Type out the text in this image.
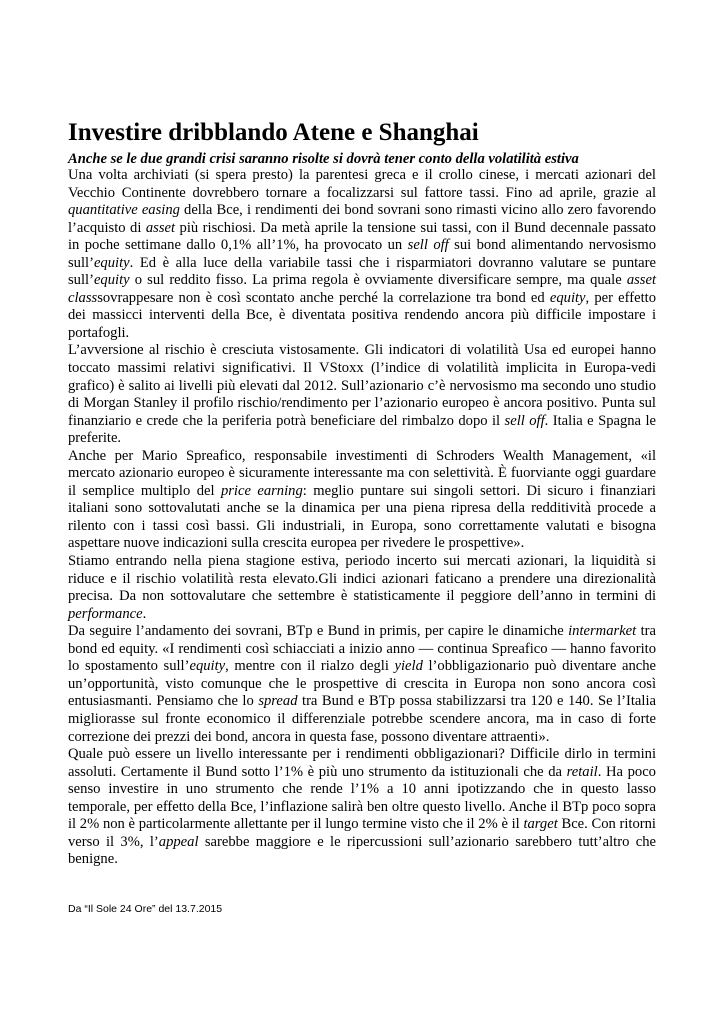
Investire dribblando Atene e Shanghai
Anche se le due grandi crisi saranno risolte si dovrà tener conto della volatilità estiva

Una volta archiviati (si spera presto) la parentesi greca e il crollo cinese, i mercati azionari del Vecchio Continente dovrebbero tornare a focalizzarsi sul fattore tassi. Fino ad aprile, grazie al quantitative easing della Bce, i rendimenti dei bond sovrani sono rimasti vicino allo zero favorendo l’acquisto di asset più rischiosi. Da metà aprile la tensione sui tassi, con il Bund decennale passato in poche settimane dallo 0,1% all’1%, ha provocato un sell off sui bond alimentando nervosismo sull’equity. Ed è alla luce della variabile tassi che i risparmiatori dovranno valutare se puntare sull’equity o sul reddito fisso. La prima regola è ovviamente diversificare sempre, ma quale asset classsovrappesare non è così scontato anche perché la correlazione tra bond ed equity, per effetto dei massicci interventi della Bce, è diventata positiva rendendo ancora più difficile impostare i portafogli.

L’avversione al rischio è cresciuta vistosamente. Gli indicatori di volatilità Usa ed europei hanno toccato massimi relativi significativi. Il VStoxx (l’indice di volatilità implicita in Europa-vedi grafico) è salito ai livelli più elevati dal 2012. Sull’azionario c’è nervosismo ma secondo uno studio di Morgan Stanley il profilo rischio/rendimento per l’azionario europeo è ancora positivo. Punta sul finanziario e crede che la periferia potrà beneficiare del rimbalzo dopo il sell off. Italia e Spagna le preferite.

Anche per Mario Spreafico, responsabile investimenti di Schroders Wealth Management, «il mercato azionario europeo è sicuramente interessante ma con selettività. È fuorviante oggi guardare il semplice multiplo del price earning: meglio puntare sui singoli settori. Di sicuro i finanziari italiani sono sottovalutati anche se la dinamica per una piena ripresa della redditività procede a rilento con i tassi così bassi. Gli industriali, in Europa, sono correttamente valutati e bisogna aspettare nuove indicazioni sulla crescita europea per rivedere le prospettive».

Stiamo entrando nella piena stagione estiva, periodo incerto sui mercati azionari, la liquidità si riduce e il rischio volatilità resta elevato.Gli indici azionari faticano a prendere una direzionalità precisa. Da non sottovalutare che settembre è statisticamente il peggiore dell’anno in termini di performance.

Da seguire l’andamento dei sovrani, BTp e Bund in primis, per capire le dinamiche intermarket tra bond ed equity. «I rendimenti così schiacciati a inizio anno — continua Spreafico — hanno favorito lo spostamento sull’equity, mentre con il rialzo degli yield l’obbligazionario può diventare anche un’opportunità, visto comunque che le prospettive di crescita in Europa non sono ancora così entusiasmanti. Pensiamo che lo spread tra Bund e BTp possa stabilizzarsi tra 120 e 140. Se l’Italia migliorasse sul fronte economico il differenziale potrebbe scendere ancora, ma in caso di forte correzione dei prezzi dei bond, ancora in questa fase, possono diventare attraenti».

Quale può essere un livello interessante per i rendimenti obbligazionari? Difficile dirlo in termini assoluti. Certamente il Bund sotto l’1% è più uno strumento da istituzionali che da retail. Ha poco senso investire in uno strumento che rende l’1% a 10 anni ipotizzando che in questo lasso temporale, per effetto della Bce, l’inflazione salirà ben oltre questo livello. Anche il BTp poco sopra il 2% non è particolarmente allettante per il lungo termine visto che il 2% è il target Bce. Con ritorni verso il 3%, l’appeal sarebbe maggiore e le ripercussioni sull’azionario sarebbero tutt’altro che benigne.

Da “Il Sole 24 Ore” del 13.7.2015
